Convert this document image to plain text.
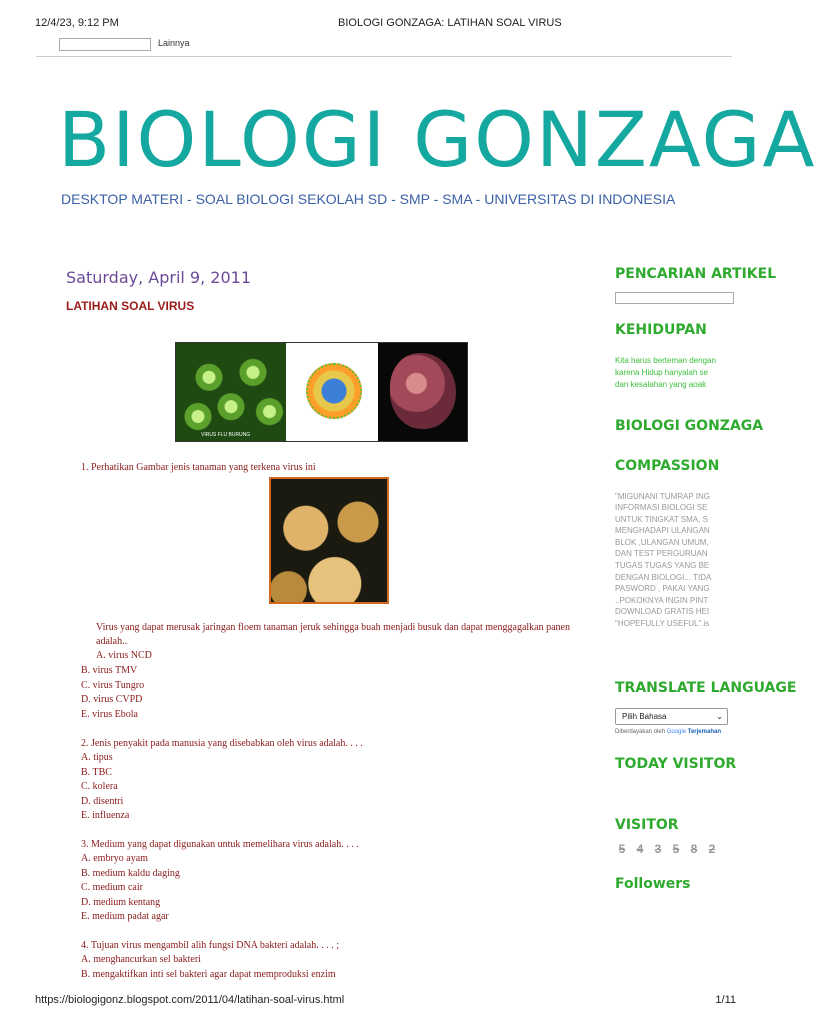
12/4/23, 9:12 PM	BIOLOGI GONZAGA: LATIHAN SOAL VIRUS
Lainnya
BIOLOGI GONZAGA
DESKTOP MATERI - SOAL BIOLOGI SEKOLAH SD - SMP - SMA - UNIVERSITAS DI INDONESIA
Saturday, April 9, 2011
LATIHAN SOAL VIRUS
VIRUS FLU BURUNG
1. Perhatikan Gambar jenis tanaman yang terkena virus ini
Virus yang dapat merusak jaringan floem tanaman jeruk sehingga buah menjadi busuk dan dapat menggagalkan panen
adalah..
A. virus NCD
B. virus TMV
C. virus Tungro
D. virus CVPD
E. virus Ebola
2. Jenis penyakit pada manusia yang disebabkan oleh virus adalah. . . .
A. tipus
B. TBC
C. kolera
D. disentri
E. influenza
3. Medium yang dapat digunakan untuk memelihara virus adalah. . . .
A. embryo ayam
B. medium kaldu daging
C. medium cair
D. medium kentang
E. medium padat agar
4. Tujuan virus mengambil alih fungsi DNA bakteri adalah. . . . ;
A. menghancurkan sel bakteri
B. mengaktifkan inti sel bakteri agar dapat memproduksi enzim
PENCARIAN ARTIKEL
KEHIDUPAN
Kita harus berteman dengan
karena Hidup hanyalah se
dan kesalahan yang aoak
BIOLOGI GONZAGA
COMPASSION
"MIGUNANI TUMRAP ING
INFORMASI BIOLOGI SE
UNTUK TINGKAT SMA, S
MENGHADAPI ULANGAN
BLOK ,ULANGAN UMUM,
DAN TEST PERGURUAN
TUGAS TUGAS YANG BE
DENGAN BIOLOGI... TIDA
PASWORD , PAKAI YANG
..POKOKNYA INGIN PINT
DOWNLOAD GRATIS HEI
"HOPEFULLY USEFUL".is
TRANSLATE LANGUAGE
Pilih Bahasa	⌄
Diberdayakan oleh Google Terjemahan
TODAY VISITOR
VISITOR
5 4 3 5 8 2
Followers
https://biologigonz.blogspot.com/2011/04/latihan-soal-virus.html	1/11
